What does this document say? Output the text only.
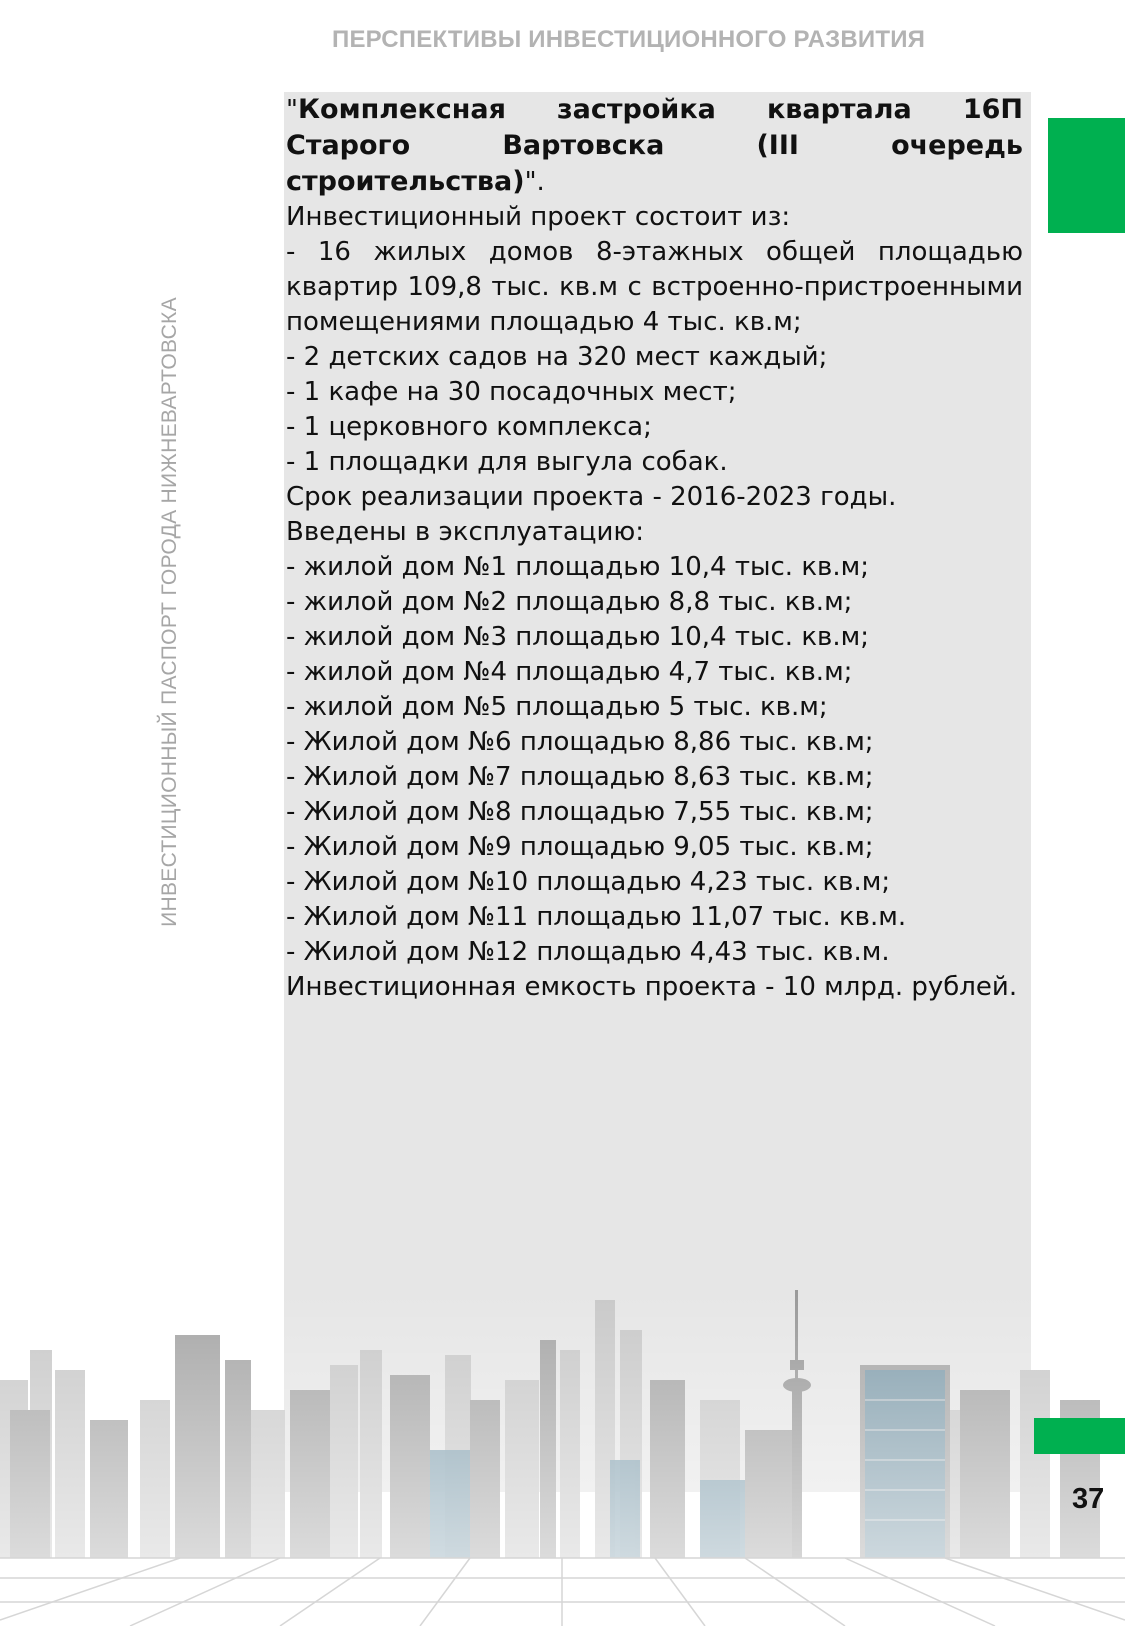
ПЕРСПЕКТИВЫ ИНВЕСТИЦИОННОГО РАЗВИТИЯ
ИНВЕСТИЦИОННЫЙ ПАСПОРТ ГОРОДА НИЖНЕВАРТОВСКА

"Комплексная застройка квартала 16П Старого Вартовска (III очередь строительства)".

Инвестиционный проект состоит из:

- 16 жилых домов 8-этажных общей площадью квартир 109,8 тыс. кв.м с встроенно-пристроенными помещениями площадью 4 тыс. кв.м;

- 2 детских садов на 320 мест каждый;

- 1 кафе на 30 посадочных мест;

- 1 церковного комплекса;

- 1 площадки для выгула собак.

Срок реализации проекта - 2016-2023 годы.

Введены в эксплуатацию:

- жилой дом №1 площадью 10,4 тыс. кв.м;

- жилой дом №2 площадью 8,8 тыс. кв.м;

- жилой дом №3 площадью 10,4 тыс. кв.м;

- жилой дом №4 площадью 4,7 тыс. кв.м;

- жилой дом №5 площадью 5 тыс. кв.м;

- Жилой дом №6 площадью 8,86 тыс. кв.м;

- Жилой дом №7 площадью 8,63 тыс. кв.м;

- Жилой дом №8 площадью 7,55 тыс. кв.м;

- Жилой дом №9 площадью 9,05 тыс. кв.м;

- Жилой дом №10 площадью 4,23 тыс. кв.м;

- Жилой дом №11 площадью 11,07 тыс. кв.м.

- Жилой дом №12 площадью 4,43 тыс. кв.м.

Инвестиционная емкость проекта - 10 млрд. рублей.

37
